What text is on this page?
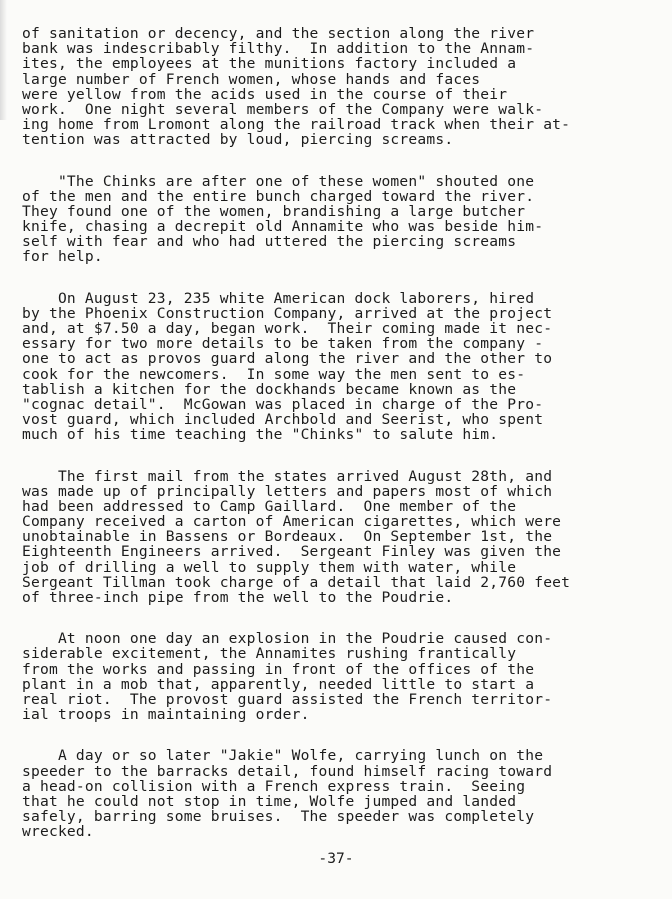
of sanitation or decency, and the section along the river
bank was indescribably filthy.  In addition to the Annam-
ites, the employees at the munitions factory included a
large number of French women, whose hands and faces
were yellow from the acids used in the course of their
work.  One night several members of the Company were walk-
ing home from Lromont along the railroad track when their at-
tention was attracted by loud, piercing screams.
"The Chinks are after one of these women" shouted one
of the men and the entire bunch charged toward the river.
They found one of the women, brandishing a large butcher
knife, chasing a decrepit old Annamite who was beside him-
self with fear and who had uttered the piercing screams
for help.
On August 23, 235 white American dock laborers, hired
by the Phoenix Construction Company, arrived at the project
and, at $7.50 a day, began work.  Their coming made it nec-
essary for two more details to be taken from the company -
one to act as provos guard along the river and the other to
cook for the newcomers.  In some way the men sent to es-
tablish a kitchen for the dockhands became known as the
"cognac detail".  McGowan was placed in charge of the Pro-
vost guard, which included Archbold and Seerist, who spent
much of his time teaching the "Chinks" to salute him.
The first mail from the states arrived August 28th, and
was made up of principally letters and papers most of which
had been addressed to Camp Gaillard.  One member of the
Company received a carton of American cigarettes, which were
unobtainable in Bassens or Bordeaux.  On September 1st, the
Eighteenth Engineers arrived.  Sergeant Finley was given the
job of drilling a well to supply them with water, while
Sergeant Tillman took charge of a detail that laid 2,760 feet
of three-inch pipe from the well to the Poudrie.
At noon one day an explosion in the Poudrie caused con-
siderable excitement, the Annamites rushing frantically
from the works and passing in front of the offices of the
plant in a mob that, apparently, needed little to start a
real riot.  The provost guard assisted the French territor-
ial troops in maintaining order.
A day or so later "Jakie" Wolfe, carrying lunch on the
speeder to the barracks detail, found himself racing toward
a head-on collision with a French express train.  Seeing
that he could not stop in time, Wolfe jumped and landed
safely, barring some bruises.  The speeder was completely
wrecked.
-37-
